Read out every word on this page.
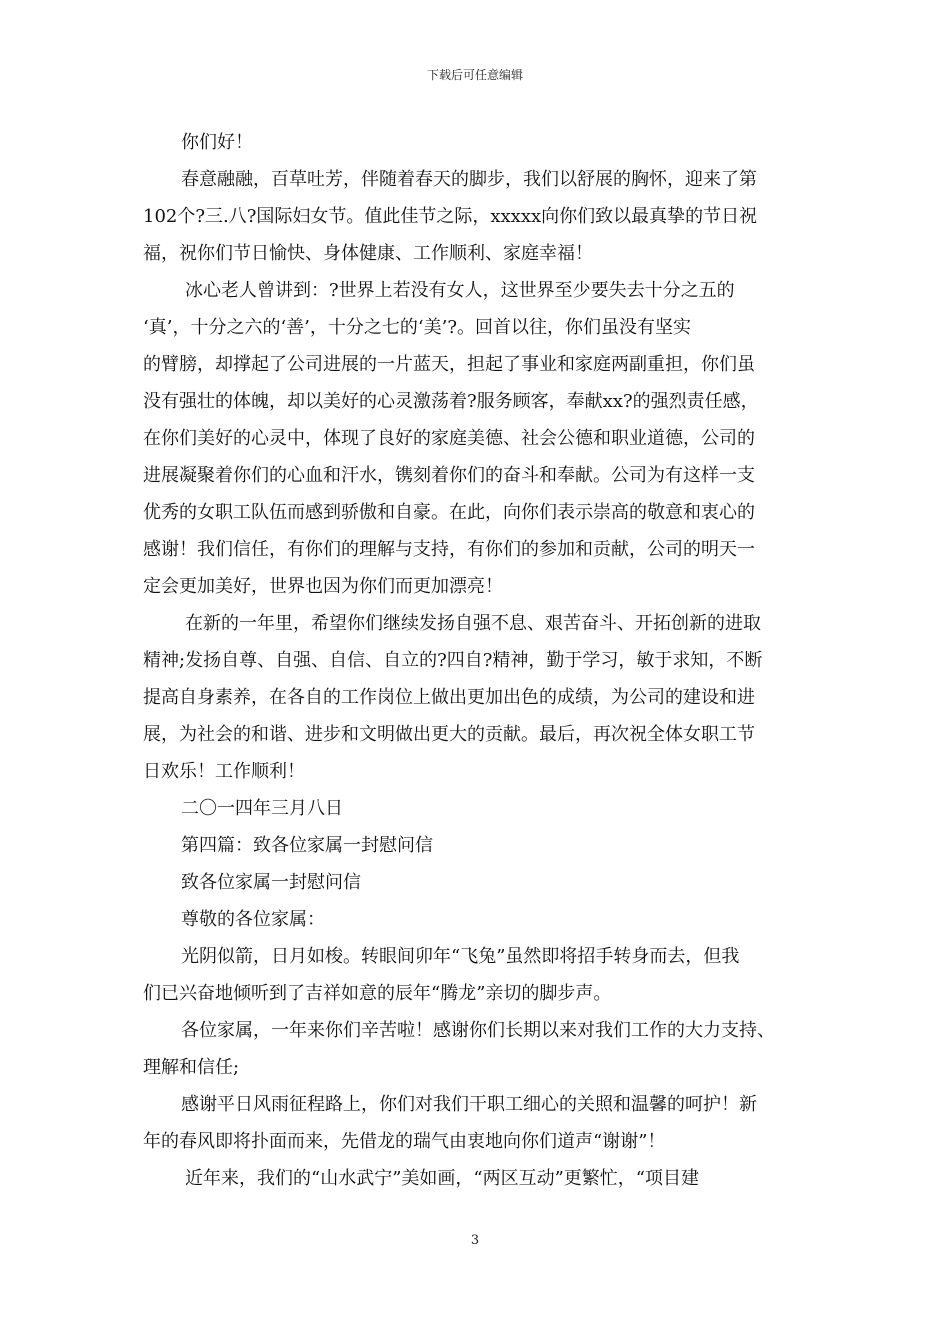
下载后可任意编辑
你们好！
春意融融，百草吐芳，伴随着春天的脚步，我们以舒展的胸怀，迎来了第
102个?三.八?国际妇女节。值此佳节之际，xxxxx向你们致以最真挚的节日祝
福，祝你们节日愉快、身体健康、工作顺利、家庭幸福！
冰心老人曾讲到：?世界上若没有女人，这世界至少要失去十分之五的
‘真’，十分之六的‘善’，十分之七的‘美’?。回首以往，你们虽没有坚实
的臂膀，却撑起了公司进展的一片蓝天，担起了事业和家庭两副重担，你们虽
没有强壮的体魄，却以美好的心灵激荡着?服务顾客，奉献xx?的强烈责任感，
在你们美好的心灵中，体现了良好的家庭美德、社会公德和职业道德，公司的
进展凝聚着你们的心血和汗水，镌刻着你们的奋斗和奉献。公司为有这样一支
优秀的女职工队伍而感到骄傲和自豪。在此，向你们表示崇高的敬意和衷心的
感谢！我们信任，有你们的理解与支持，有你们的参加和贡献，公司的明天一
定会更加美好，世界也因为你们而更加漂亮！
在新的一年里，希望你们继续发扬自强不息、艰苦奋斗、开拓创新的进取
精神;发扬自尊、自强、自信、自立的?四自?精神，勤于学习，敏于求知，不断
提高自身素养，在各自的工作岗位上做出更加出色的成绩，为公司的建设和进
展，为社会的和谐、进步和文明做出更大的贡献。最后，再次祝全体女职工节
日欢乐！工作顺利！
二〇一四年三月八日
第四篇：致各位家属一封慰问信
致各位家属一封慰问信
尊敬的各位家属：
光阴似箭，日月如梭。转眼间卯年“飞兔”虽然即将招手转身而去，但我
们已兴奋地倾听到了吉祥如意的辰年“腾龙”亲切的脚步声。
各位家属，一年来你们辛苦啦！感谢你们长期以来对我们工作的大力支持、
理解和信任;
感谢平日风雨征程路上，你们对我们干职工细心的关照和温馨的呵护！新
年的春风即将扑面而来，先借龙的瑞气由衷地向你们道声“谢谢”！
近年来，我们的“山水武宁”美如画，“两区互动”更繁忙，“项目建
3
